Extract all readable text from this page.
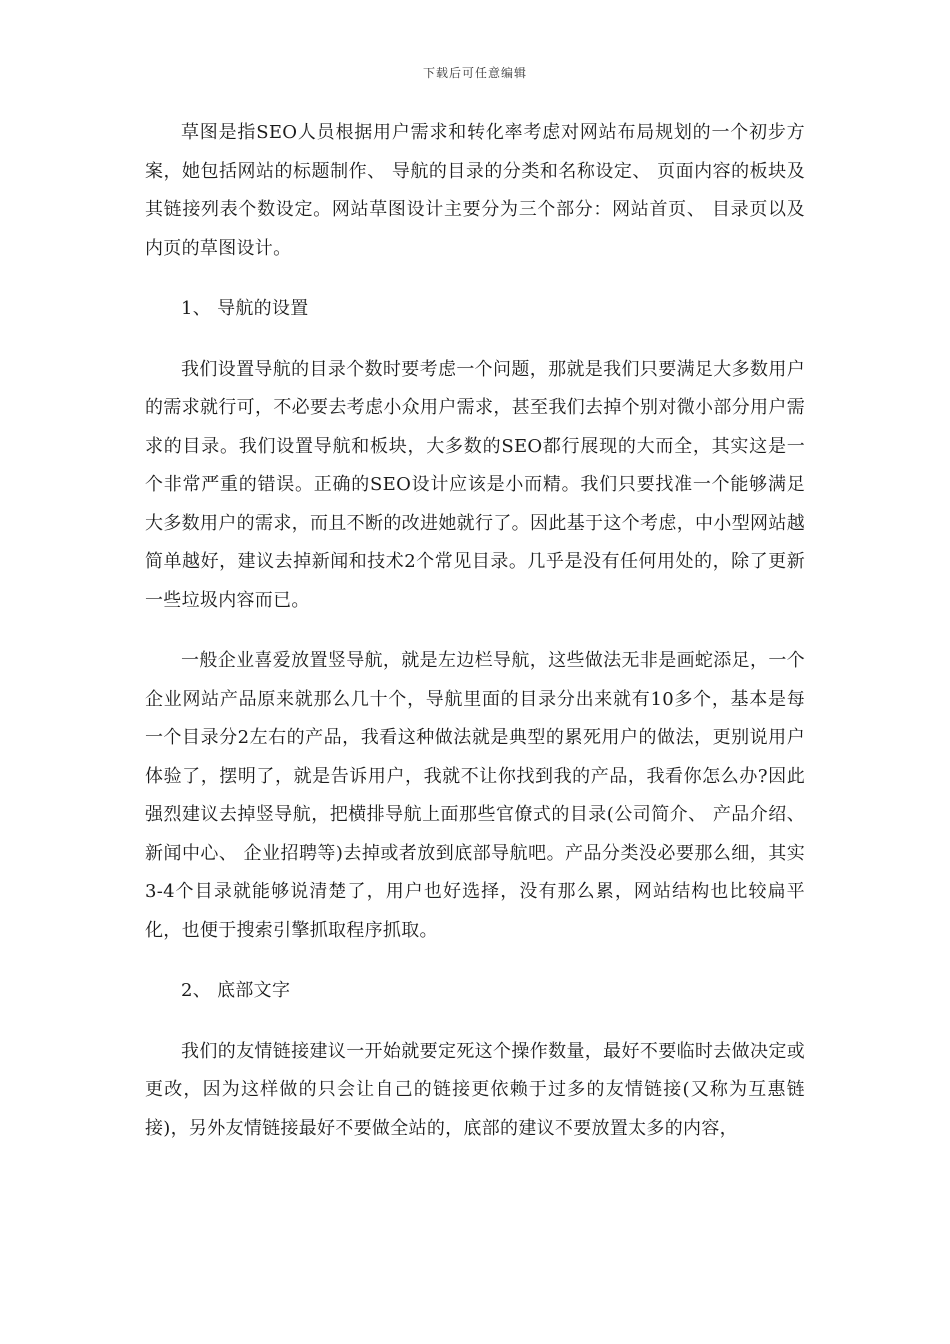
下载后可任意编辑

草图是指SEO人员根据用户需求和转化率考虑对网站布局规划的一个初步方案，她包括网站的标题制作、 导航的目录的分类和名称设定、 页面内容的板块及其链接列表个数设定。网站草图设计主要分为三个部分：网站首页、 目录页以及内页的草图设计。

1、 导航的设置

我们设置导航的目录个数时要考虑一个问题，那就是我们只要满足大多数用户的需求就行可，不必要去考虑小众用户需求，甚至我们去掉个别对微小部分用户需求的目录。我们设置导航和板块，大多数的SEO都行展现的大而全，其实这是一个非常严重的错误。正确的SEO设计应该是小而精。我们只要找准一个能够满足大多数用户的需求，而且不断的改进她就行了。因此基于这个考虑，中小型网站越简单越好，建议去掉新闻和技术2个常见目录。几乎是没有任何用处的，除了更新一些垃圾内容而已。

一般企业喜爱放置竖导航，就是左边栏导航，这些做法无非是画蛇添足，一个企业网站产品原来就那么几十个，导航里面的目录分出来就有10多个，基本是每一个目录分2左右的产品，我看这种做法就是典型的累死用户的做法，更别说用户体验了，摆明了，就是告诉用户，我就不让你找到我的产品，我看你怎么办?因此强烈建议去掉竖导航，把横排导航上面那些官僚式的目录(公司简介、 产品介绍、 新闻中心、 企业招聘等)去掉或者放到底部导航吧。产品分类没必要那么细，其实3-4个目录就能够说清楚了，用户也好选择，没有那么累，网站结构也比较扁平化，也便于搜索引擎抓取程序抓取。

2、 底部文字

我们的友情链接建议一开始就要定死这个操作数量，最好不要临时去做决定或更改，因为这样做的只会让自己的链接更依赖于过多的友情链接(又称为互惠链接)，另外友情链接最好不要做全站的，底部的建议不要放置太多的内容，
